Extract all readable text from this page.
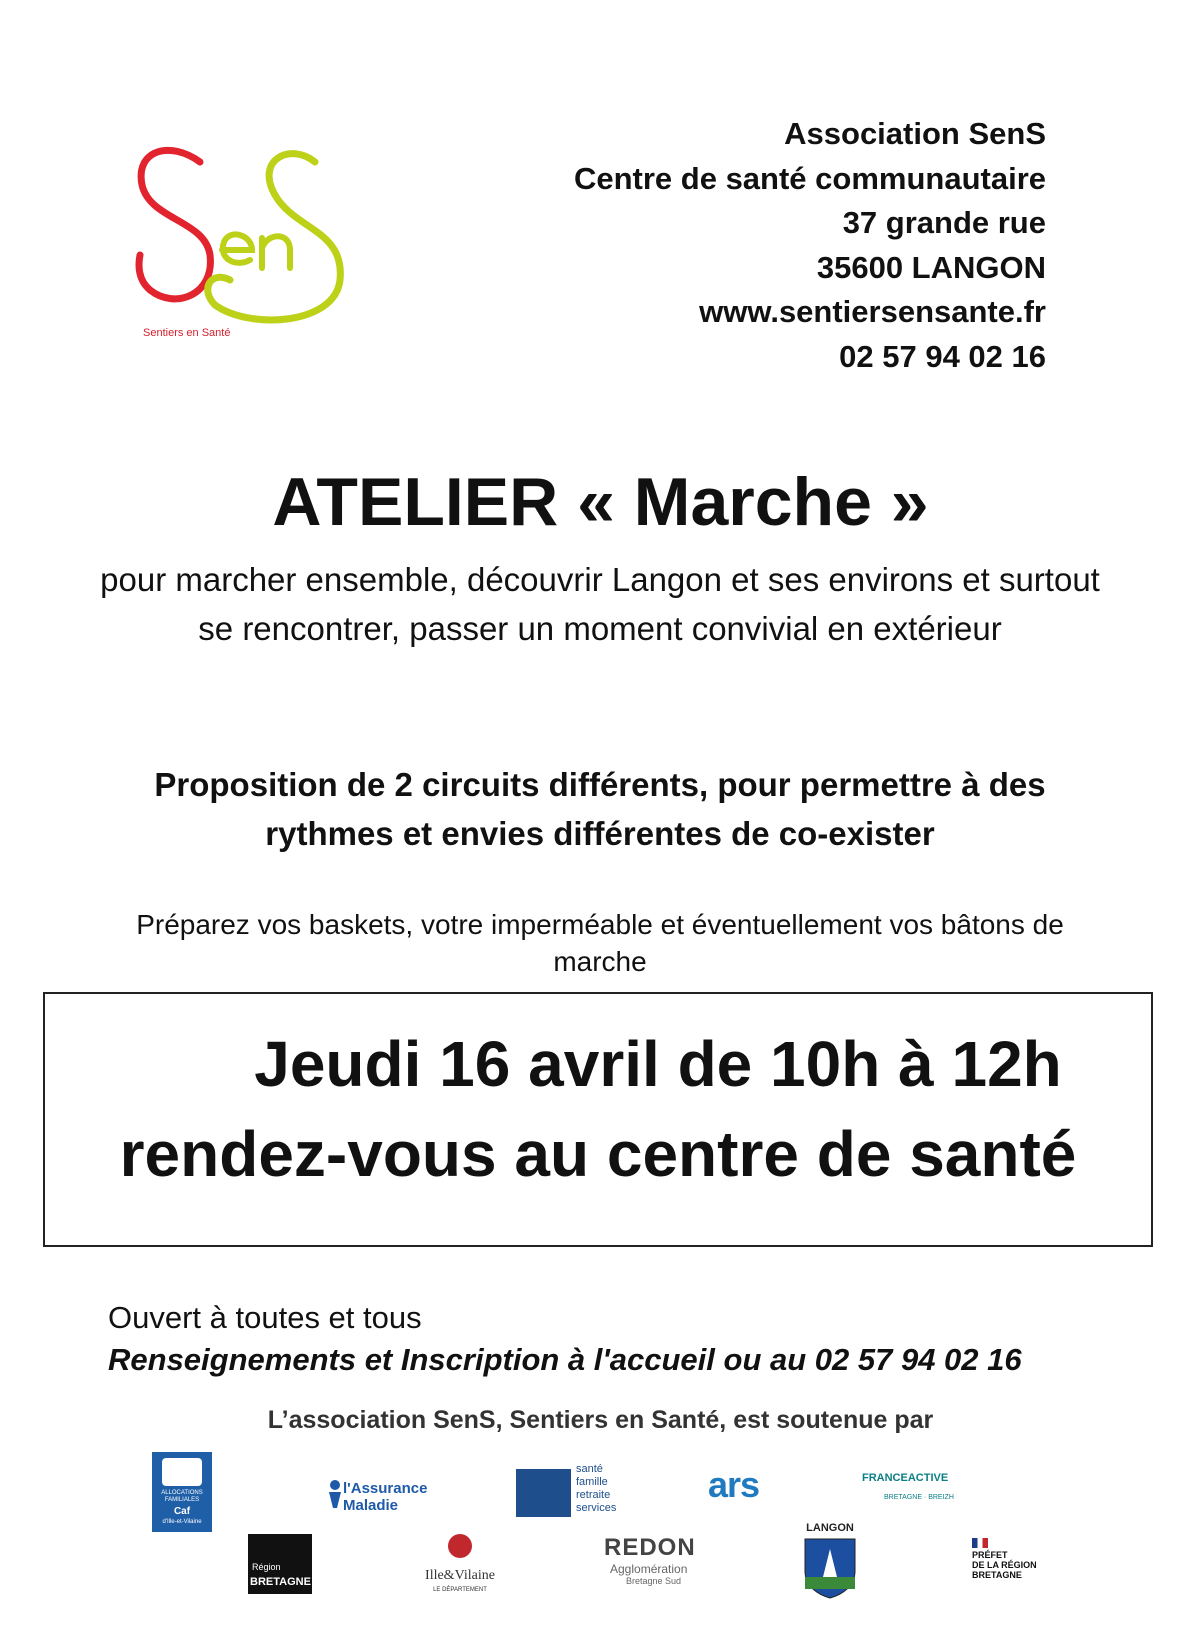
Sentiers en Santé
Association SenS
Centre de santé communautaire
37 grande rue
35600 LANGON
www.sentiersensante.fr
02 57 94 02 16
ATELIER « Marche »
pour marcher ensemble, découvrir Langon et ses environs et surtout se rencontrer, passer un moment convivial en extérieur
Proposition de 2 circuits différents, pour permettre à des rythmes et envies différentes de co-exister
Préparez vos baskets, votre imperméable et éventuellement vos bâtons de marche
Jeudi 16 avril de 10h à 12h
rendez-vous au centre de santé
Ouvert à toutes et tous
Renseignements et Inscription à l'accueil ou au 02 57 94 02 16
L’association SenS, Sentiers en Santé, est soutenue par
ALLOCATIONS
FAMILIALES
Caf
d'Ille-et-Vilaine
l'Assurance
Maladie
santé
famille
retraite
services
ars	FRANCEACTIVE
BRETAGNE · BREIZH
Région
BRETAGNE	Ille&Vilaine
LE DÉPARTEMENT
REDON
Agglomération
Bretagne Sud
LANGON
PRÉFET
DE LA RÉGION
BRETAGNE
